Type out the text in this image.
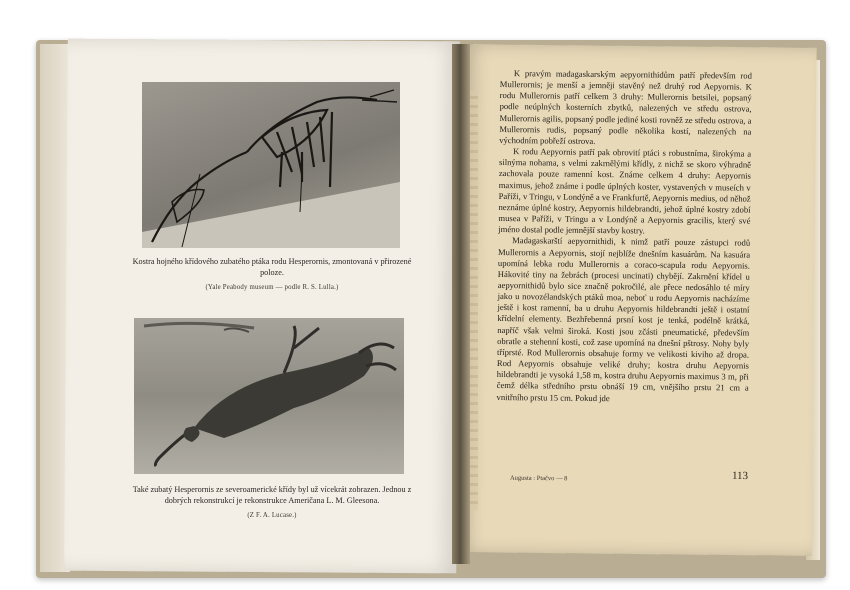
Kostra hojného křídového zubatého ptáka rodu Hesperornis, zmontovaná v přirozené poloze.
(Yale Peabody museum — podle R. S. Lulla.)
Také zubatý Hesperornis ze severoamerické křídy byl už vícekrát zobrazen. Jednou z dobrých rekonstrukcí je rekonstrukce Američana L. M. Gleesona.
(Z F. A. Lucase.)

K pravým madagaskarským aepyornithidům patří především rod Mullerornis; je menší a jemněji stavěný než druhý rod Aepyornis. K rodu Mullerornis patří celkem 3 druhy: Mullerornis betsilei, popsaný podle neúplných kosterních zbytků, nalezených ve středu ostrova, Mullerornis agilis, popsaný podle jediné kosti rovněž ze středu ostrova, a Mullerornis rudis, popsaný podle několika kostí, nalezených na východním pobřeží ostrova.

K rodu Aepyornis patří pak obrovití ptáci s robustníma, širokýma a silnýma nohama, s velmi zakrnělými křídly, z nichž se skoro výhradně zachovala pouze ramenní kost. Známe celkem 4 druhy: Aepyornis maximus, jehož známe i podle úplných koster, vystavených v museích v Paříži, v Tringu, v Londýně a ve Frankfurtě, Aepyornis medius, od něhož neznáme úplné kostry, Aepyornis hildebrandti, jehož úplné kostry zdobí musea v Paříži, v Tringu a v Londýně a Aepyornis gracilis, který své jméno dostal podle jemnější stavby kostry.

Madagaskarští aepyornithidi, k nimž patří pouze zástupci rodů Mullerornis a Aepyornis, stojí nejblíže dnešním kasuárům. Na kasuára upomíná lebka rodu Mullerornis a coraco-scapula rodu Aepyornis. Hákovité tiny na žebrách (procesi uncinati) chybějí. Zakrnění křídel u aepyornithidů bylo sice značně pokročilé, ale přece nedosáhlo té míry jako u novozélandských ptáků moa, neboť u rodu Aepyornis nacházíme ještě i kost ramenní, ba u druhu Aepyornis hildebrandti ještě i ostatní křídelní elementy. Bezhřebenná prsní kost je tenká, podélně krátká, napříč však velmi široká. Kosti jsou zčásti pneumatické, především obratle a stehenní kosti, což zase upomíná na dnešní pštrosy. Nohy byly tříprsté. Rod Mullerornis obsahuje formy ve velikosti kiviho až dropa. Rod Aepyornis obsahuje veliké druhy; kostra druhu Aepyornis hildebrandti je vysoká 1,58 m, kostra druhu Aepyornis maximus 3 m, při čemž délka středního prstu obnáší 19 cm, vnějšího prstu 21 cm a vnitřního prstu 15 cm. Pokud jde

Augusta : Ptačvo — 8	113
